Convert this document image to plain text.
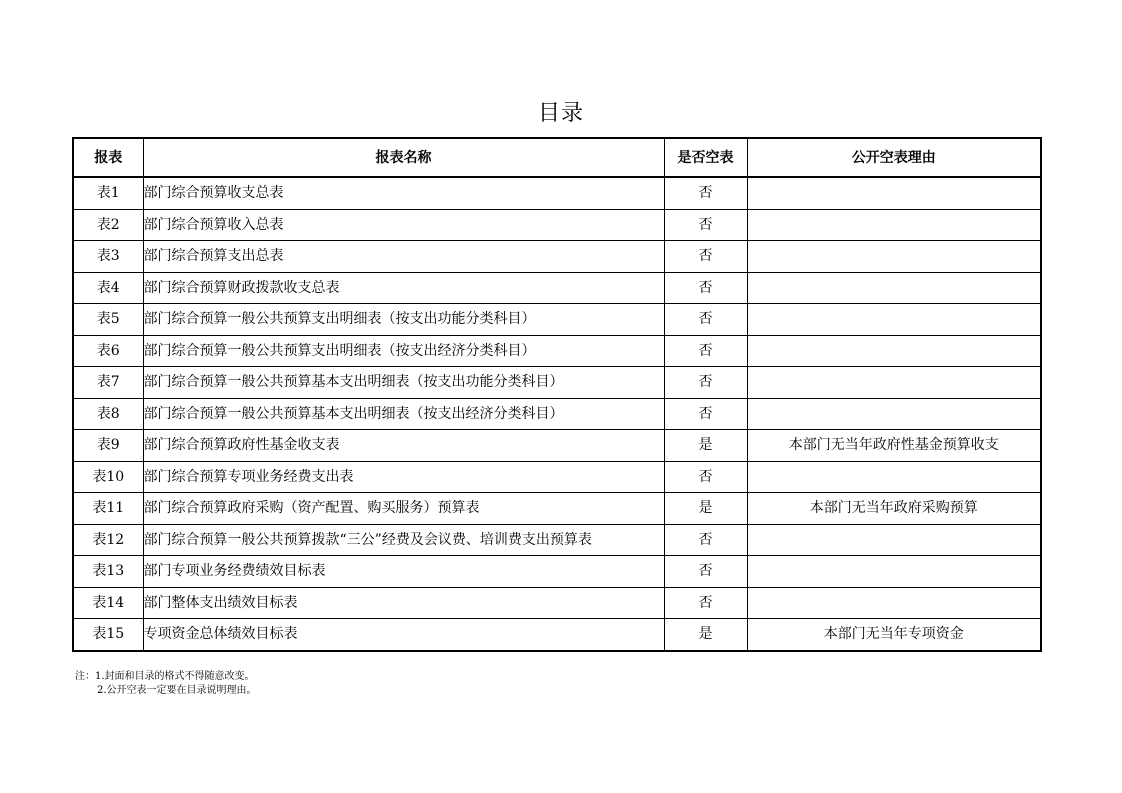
目录
报表	报表名称	是否空表	公开空表理由
表1	部门综合预算收支总表	否	
表2	部门综合预算收入总表	否	
表3	部门综合预算支出总表	否	
表4	部门综合预算财政拨款收支总表	否	
表5	部门综合预算一般公共预算支出明细表（按支出功能分类科目）	否	
表6	部门综合预算一般公共预算支出明细表（按支出经济分类科目）	否	
表7	部门综合预算一般公共预算基本支出明细表（按支出功能分类科目）	否	
表8	部门综合预算一般公共预算基本支出明细表（按支出经济分类科目）	否	
表9	部门综合预算政府性基金收支表	是	本部门无当年政府性基金预算收支
表10	部门综合预算专项业务经费支出表	否	
表11	部门综合预算政府采购（资产配置、购买服务）预算表	是	本部门无当年政府采购预算
表12	部门综合预算一般公共预算拨款“三公”经费及会议费、培训费支出预算表	否	
表13	部门专项业务经费绩效目标表	否	
表14	部门整体支出绩效目标表	否	
表15	专项资金总体绩效目标表	是	本部门无当年专项资金
注：1.封面和目录的格式不得随意改变。
2.公开空表一定要在目录说明理由。
